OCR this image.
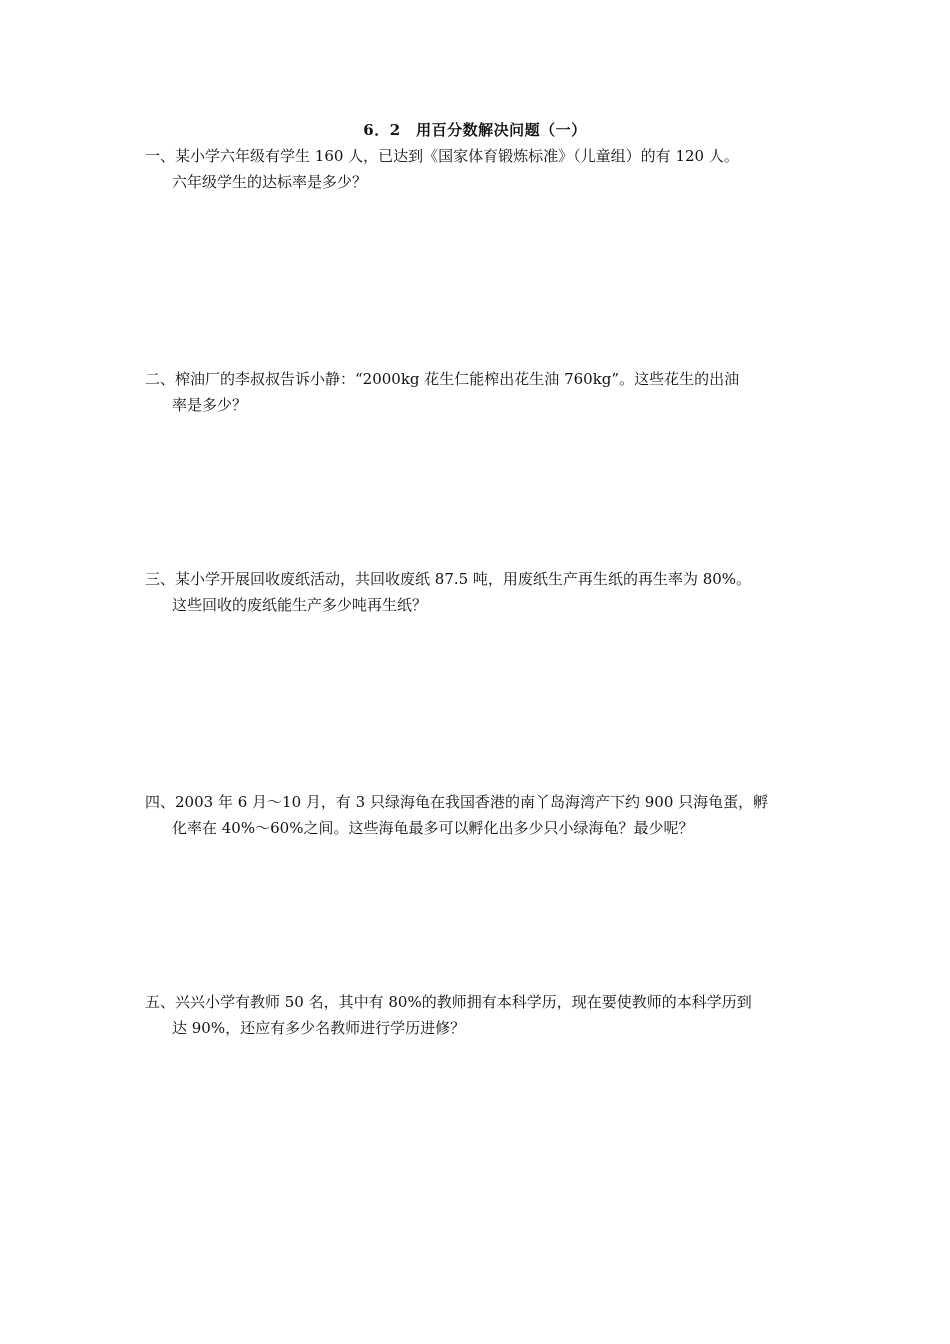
6．2　用百分数解决问题（一）
一、某小学六年级有学生 160 人，已达到《国家体育锻炼标准》（儿童组）的有 120 人。
六年级学生的达标率是多少？
二、榨油厂的李叔叔告诉小静：“2000kg 花生仁能榨出花生油 760kg”。这些花生的出油
率是多少？
三、某小学开展回收废纸活动，共回收废纸 87.5 吨，用废纸生产再生纸的再生率为 80%。
这些回收的废纸能生产多少吨再生纸？
四、2003 年 6 月～10 月，有 3 只绿海龟在我国香港的南丫岛海湾产下约 900 只海龟蛋，孵
化率在 40%～60%之间。这些海龟最多可以孵化出多少只小绿海龟？最少呢？
五、兴兴小学有教师 50 名，其中有 80%的教师拥有本科学历，现在要使教师的本科学历到
达 90%，还应有多少名教师进行学历进修？
